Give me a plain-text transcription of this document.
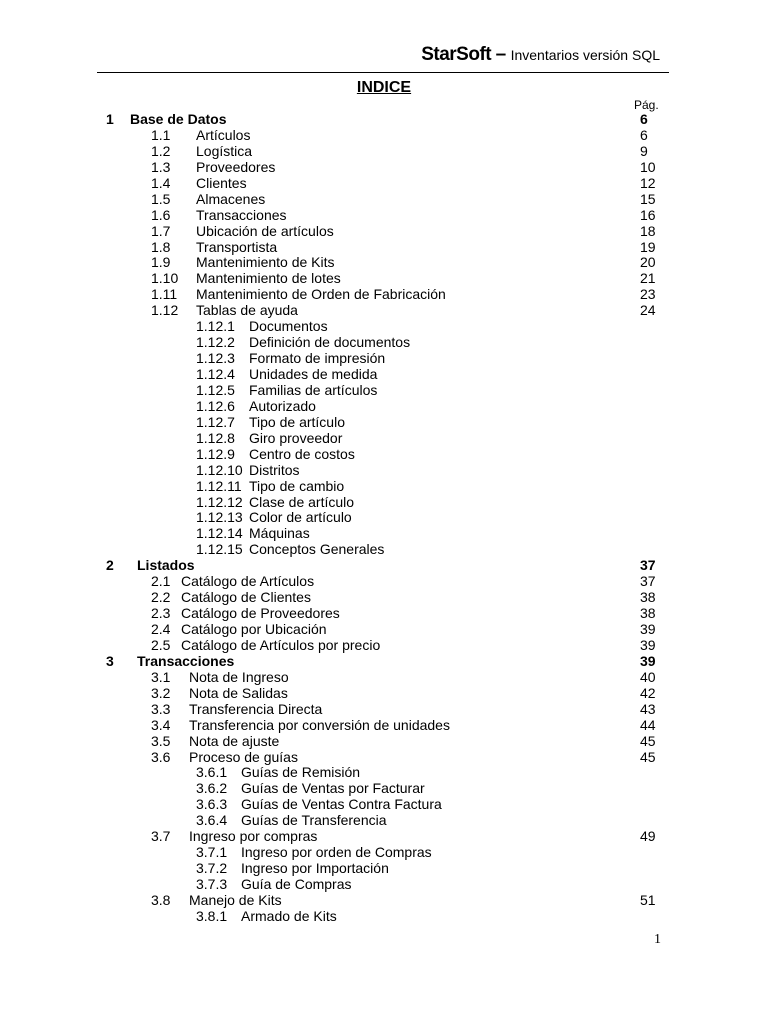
StarSoft – Inventarios versión SQL
INDICE
Pág.
1 Base de Datos	6
1.1 Artículos	6
1.2 Logística	9
1.3 Proveedores	10
1.4 Clientes	12
1.5 Almacenes	15
1.6 Transacciones	16
1.7 Ubicación de artículos	18
1.8 Transportista	19
1.9 Mantenimiento de Kits	20
1.10 Mantenimiento de lotes	21
1.11 Mantenimiento de Orden de Fabricación	23
1.12 Tablas de ayuda	24
1.12.1 Documentos
1.12.2 Definición de documentos
1.12.3 Formato de impresión
1.12.4 Unidades de medida
1.12.5 Familias de artículos
1.12.6 Autorizado
1.12.7 Tipo de artículo
1.12.8 Giro proveedor
1.12.9 Centro de costos
1.12.10 Distritos
1.12.11 Tipo de cambio
1.12.12 Clase de artículo
1.12.13 Color de artículo
1.12.14 Máquinas
1.12.15 Conceptos Generales
2 Listados	37
2.1 Catálogo de Artículos	37
2.2 Catálogo de Clientes	38
2.3 Catálogo de Proveedores	38
2.4 Catálogo por Ubicación	39
2.5 Catálogo de Artículos por precio	39
3 Transacciones	39
3.1 Nota de Ingreso	40
3.2 Nota de Salidas	42
3.3 Transferencia Directa	43
3.4 Transferencia por conversión de unidades	44
3.5 Nota de ajuste	45
3.6 Proceso de guías	45
3.6.1 Guías de Remisión
3.6.2 Guías de Ventas por Facturar
3.6.3 Guías de Ventas Contra Factura
3.6.4 Guías de Transferencia
3.7 Ingreso por compras	49
3.7.1 Ingreso por orden de Compras
3.7.2 Ingreso por Importación
3.7.3 Guía de Compras
3.8 Manejo de Kits	51
3.8.1 Armado de Kits
1
